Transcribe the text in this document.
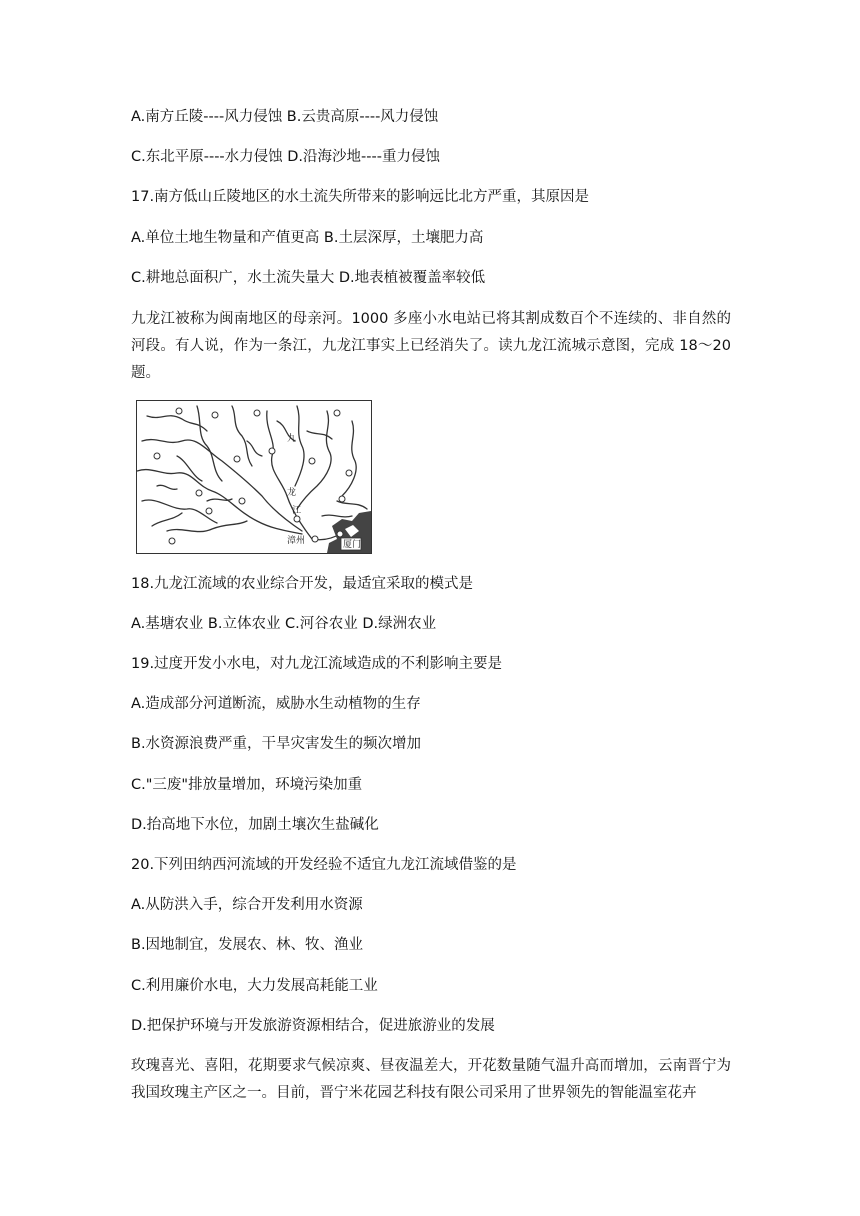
A.南方丘陵----风力侵蚀 B.云贵高原----风力侵蚀
C.东北平原----水力侵蚀 D.沿海沙地----重力侵蚀
17.南方低山丘陵地区的水土流失所带来的影响远比北方严重，其原因是
A.单位土地生物量和产值更高 B.土层深厚，土壤肥力高
C.耕地总面积广，水土流失量大 D.地表植被覆盖率较低
九龙江被称为闽南地区的母亲河。1000 多座小水电站已将其割成数百个不连续的、非自然的河段。有人说，作为一条江，九龙江事实上已经消失了。读九龙江流城示意图，完成 18～20 题。
九
龙
江
漳州	厦门
18.九龙江流域的农业综合开发，最适宜采取的模式是
A.基塘农业 B.立体农业 C.河谷农业 D.绿洲农业
19.过度开发小水电，对九龙江流域造成的不利影响主要是
A.造成部分河道断流，威胁水生动植物的生存
B.水资源浪费严重，干旱灾害发生的频次增加
C."三废"排放量增加，环境污染加重
D.抬高地下水位，加剧土壤次生盐碱化
20.下列田纳西河流域的开发经验不适宜九龙江流域借鉴的是
A.从防洪入手，综合开发利用水资源
B.因地制宜，发展农、林、牧、渔业
C.利用廉价水电，大力发展高耗能工业
D.把保护环境与开发旅游资源相结合，促进旅游业的发展
玫瑰喜光、喜阳，花期要求气候凉爽、昼夜温差大，开花数量随气温升高而增加，云南晋宁为我国玫瑰主产区之一。目前，晋宁米花园艺科技有限公司采用了世界领先的智能温室花卉
